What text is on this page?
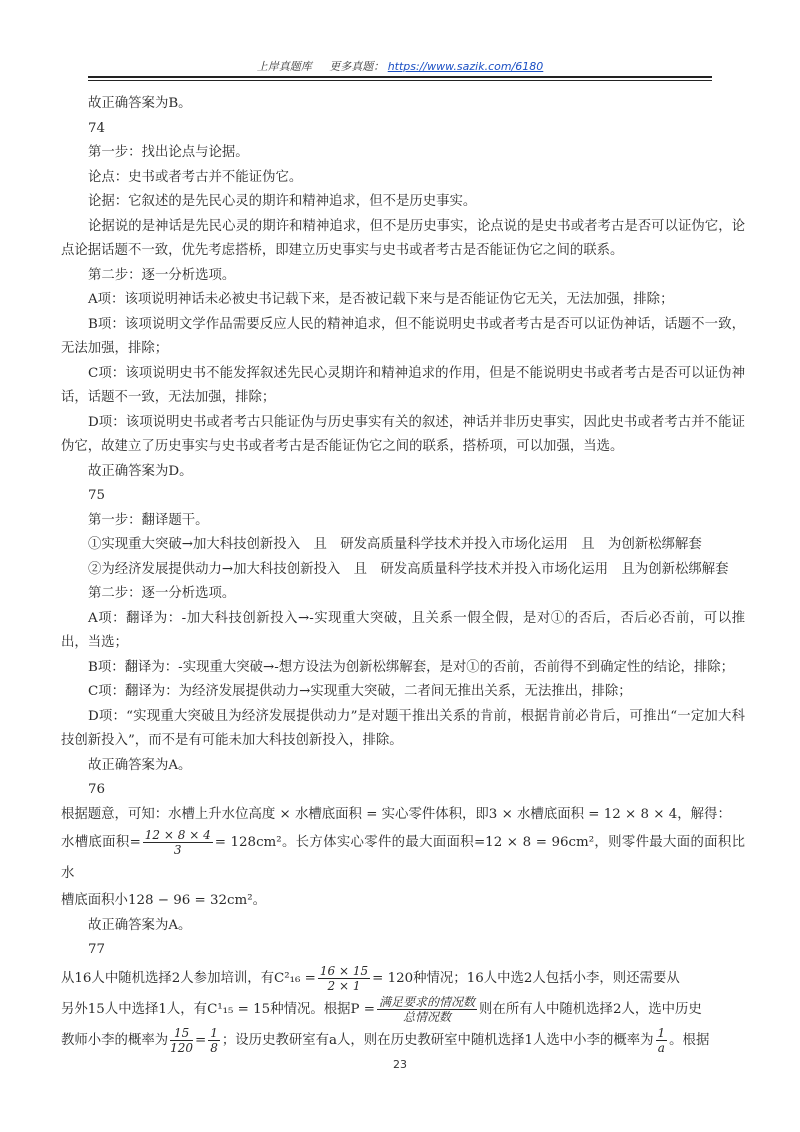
上岸真题库 更多真题： https://www.sazik.com/6180

故正确答案为B。

74

第一步：找出论点与论据。

论点：史书或者考古并不能证伪它。

论据：它叙述的是先民心灵的期许和精神追求，但不是历史事实。

论据说的是神话是先民心灵的期许和精神追求，但不是历史事实，论点说的是史书或者考古是否可以证伪它，论点论据话题不一致，优先考虑搭桥，即建立历史事实与史书或者考古是否能证伪它之间的联系。

第二步：逐一分析选项。

A项：该项说明神话未必被史书记载下来，是否被记载下来与是否能证伪它无关，无法加强，排除；

B项：该项说明文学作品需要反应人民的精神追求，但不能说明史书或者考古是否可以证伪神话，话题不一致，无法加强，排除；

C项：该项说明史书不能发挥叙述先民心灵期许和精神追求的作用，但是不能说明史书或者考古是否可以证伪神话，话题不一致，无法加强，排除；

D项：该项说明史书或者考古只能证伪与历史事实有关的叙述，神话并非历史事实，因此史书或者考古并不能证伪它，故建立了历史事实与史书或者考古是否能证伪它之间的联系，搭桥项，可以加强，当选。

故正确答案为D。

75

第一步：翻译题干。

①实现重大突破→加大科技创新投入　且　研发高质量科学技术并投入市场化运用　且　为创新松绑解套

②为经济发展提供动力→加大科技创新投入　且　研发高质量科学技术并投入市场化运用　且为创新松绑解套

第二步：逐一分析选项。

A项：翻译为：-加大科技创新投入→-实现重大突破，且关系一假全假，是对①的否后，否后必否前，可以推出，当选；

B项：翻译为：-实现重大突破→-想方设法为创新松绑解套，是对①的否前，否前得不到确定性的结论，排除；

C项：翻译为：为经济发展提供动力→实现重大突破，二者间无推出关系，无法推出，排除；

D项：“实现重大突破且为经济发展提供动力”是对题干推出关系的肯前，根据肯前必肯后，可推出“一定加大科技创新投入”，而不是有可能未加大科技创新投入，排除。

故正确答案为A。

76

根据题意，可知：水槽上升水位高度 × 水槽底面积 = 实心零件体积，即3 × 水槽底面积 = 12 × 8 × 4，解得：

水槽底面积= $\frac{12 \times 8 \times 4}{3} = 128cm^2$。长方体实心零件的最大面面积=12 × 8 = 96cm²，则零件最大面的面积比水

槽底面积小128 − 96 = 32cm²。

故正确答案为A。

77

从16人中随机选择2人参加培训，有$C^2_{16} = \frac{16 \times 15}{2 \times 1} = 120$种情况；16人中选2人包括小李，则还需要从

另外15人中选择1人，有C¹₁₅ = 15种情况。根据$P = \frac{\text{满足要求的情况数}}{\text{总情况数}}$ 则在所有人中随机选择2人，选中历史

教师小李的概率为 $\frac{15}{120} = \frac{1}{8}$ ；设历史教研室有a人，则在历史教研室中随机选择1人选中小李的概率为 $\frac{1}{a}$ 。根据

23
